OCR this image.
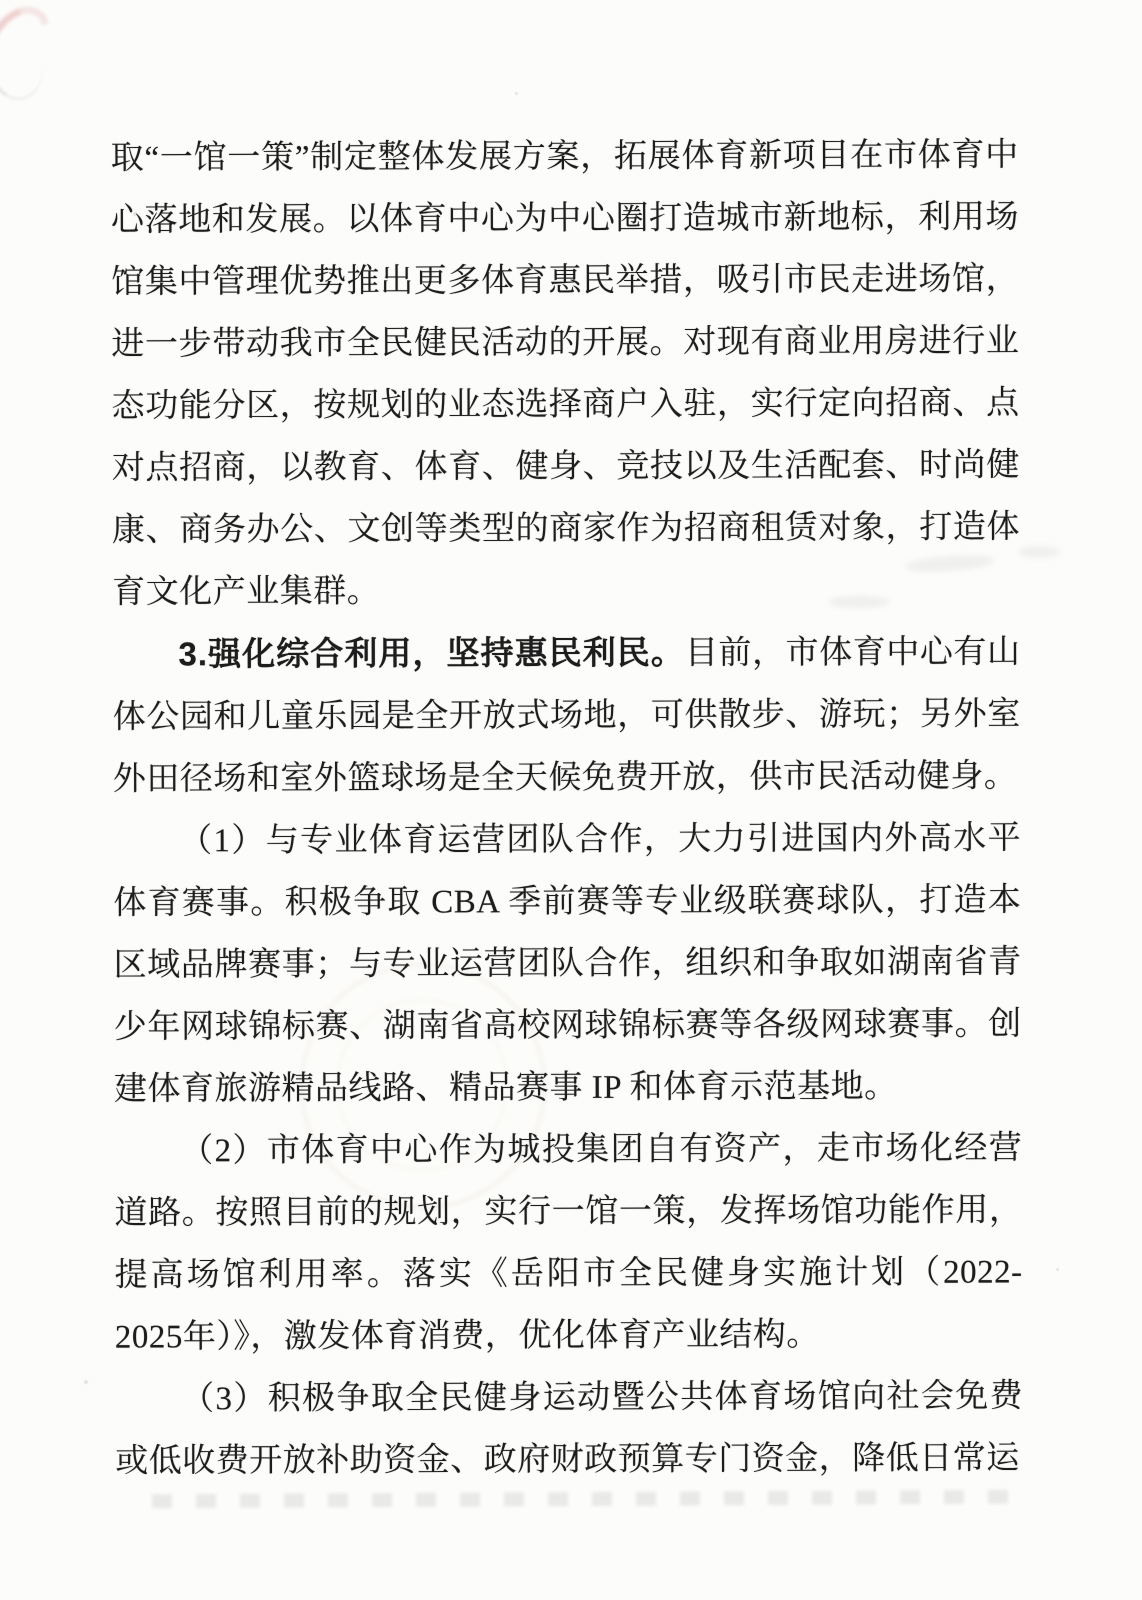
取“一馆一策”制定整体发展方案，拓展体育新项目在市体育中心落地和发展。以体育中心为中心圈打造城市新地标，利用场馆集中管理优势推出更多体育惠民举措，吸引市民走进场馆，进一步带动我市全民健民活动的开展。对现有商业用房进行业态功能分区，按规划的业态选择商户入驻，实行定向招商、点对点招商，以教育、体育、健身、竞技以及生活配套、时尚健康、商务办公、文创等类型的商家作为招商租赁对象，打造体育文化产业集群。

3.强化综合利用，坚持惠民利民。目前，市体育中心有山体公园和儿童乐园是全开放式场地，可供散步、游玩；另外室外田径场和室外篮球场是全天候免费开放，供市民活动健身。

（1）与专业体育运营团队合作，大力引进国内外高水平体育赛事。积极争取 CBA 季前赛等专业级联赛球队，打造本区域品牌赛事；与专业运营团队合作，组织和争取如湖南省青少年网球锦标赛、湖南省高校网球锦标赛等各级网球赛事。创建体育旅游精品线路、精品赛事 IP 和体育示范基地。

（2）市体育中心作为城投集团自有资产，走市场化经营道路。按照目前的规划，实行一馆一策，发挥场馆功能作用，提高场馆利用率。落实《岳阳市全民健身实施计划（2022-2025年）》，激发体育消费，优化体育产业结构。

（3）积极争取全民健身运动暨公共体育场馆向社会免费或低收费开放补助资金、政府财政预算专门资金，降低日常运
